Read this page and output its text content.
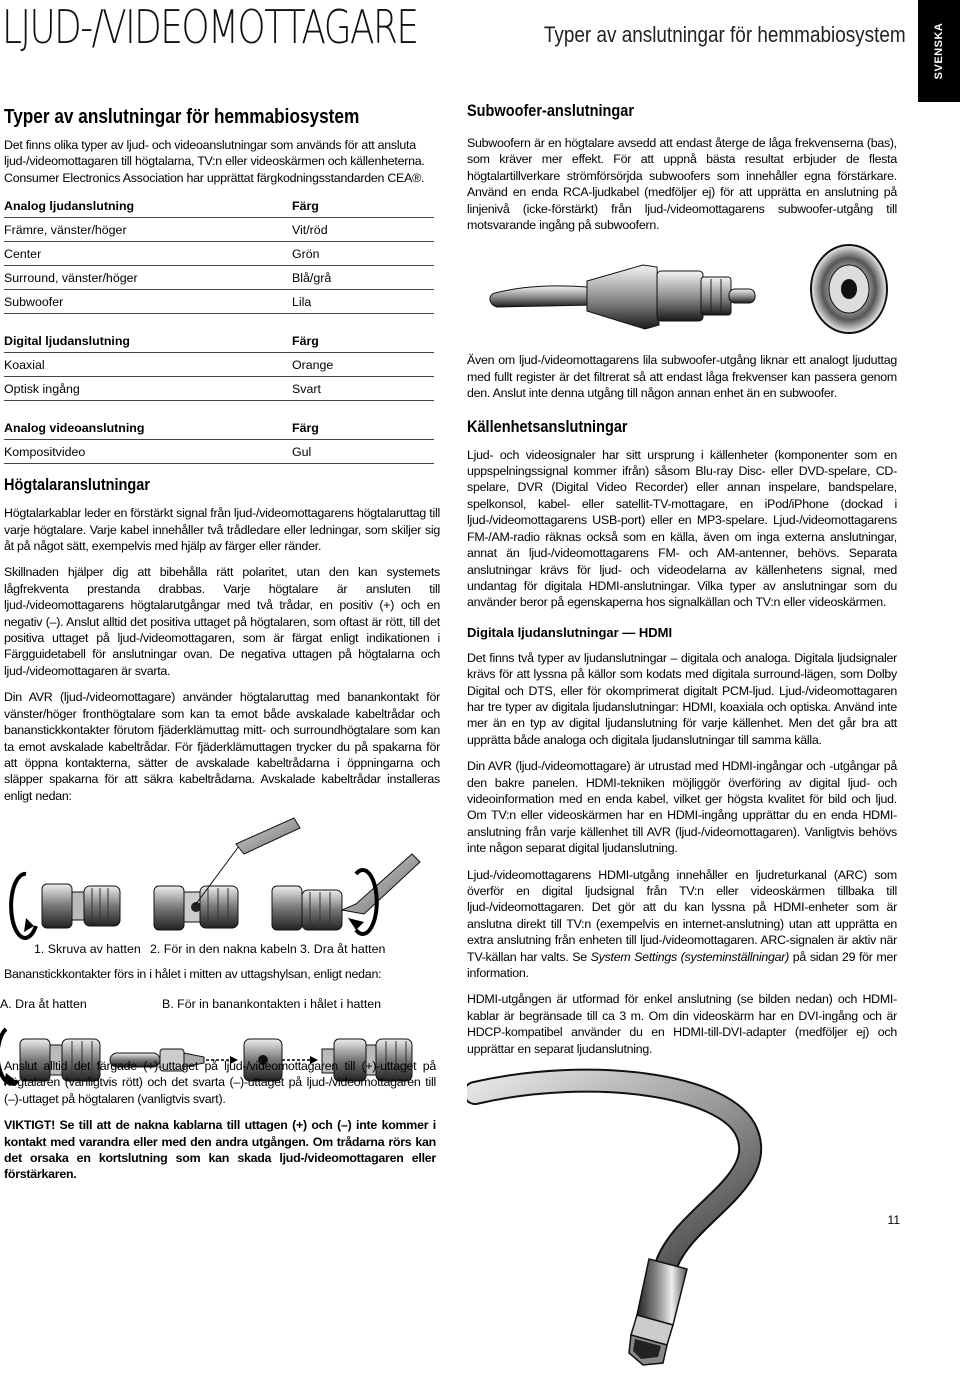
LJUD-/VIDEOMOTTAGARE	Typer av anslutningar för hemmabiosystem SVENSKA
Typer av anslutningar för hemmabiosystem

Det finns olika typer av ljud- och videoanslutningar som används för att ansluta ljud-/videomottagaren till högtalarna, TV:n eller videoskärmen och källenheterna. Consumer Electronics Association har upprättat färgkodningsstandarden CEA®.

Analog ljudanslutning	Färg
Främre, vänster/höger	Vit/röd
Center	Grön
Surround, vänster/höger	Blå/grå
Subwoofer	Lila
Digital ljudanslutning	Färg
Koaxial	Orange
Optisk ingång	Svart
Analog videoanslutning	Färg
Kompositvideo	Gul
Högtalaranslutningar

Högtalarkablar leder en förstärkt signal från ljud-/videomottagarens högtalaruttag till varje högtalare. Varje kabel innehåller två trådledare eller ledningar, som skiljer sig åt på något sätt, exempelvis med hjälp av färger eller ränder.

Skillnaden hjälper dig att bibehålla rätt polaritet, utan den kan systemets lågfrekventa prestanda drabbas. Varje högtalare är ansluten till ljud-/videomottagarens högtalarutgångar med två trådar, en positiv (+) och en negativ (–). Anslut alltid det positiva uttaget på högtalaren, som oftast är rött, till det positiva uttaget på ljud-/videomottagaren, som är färgat enligt indikationen i Färgguidetabell för anslutningar ovan. De negativa uttagen på högtalarna och ljud-/videomottagaren är svarta.

Din AVR (ljud-/videomottagare) använder högtalaruttag med banankontakt för vänster/höger fronthögtalare som kan ta emot både avskalade kabeltrådar och bananstickkontakter förutom fjäderklämuttag mitt- och surroundhögtalare som kan ta emot avskalade kabeltrådar. För fjäderklämuttagen trycker du på spakarna för att öppna kontakterna, sätter de avskalade kabeltrådarna i öppningarna och släpper spakarna för att säkra kabeltrådarna. Avskalade kabeltrådar installeras enligt nedan:

1. Skruva av hatten 2. För in den nakna kabeln 3. Dra åt hatten

Bananstickkontakter förs in i hålet i mitten av uttagshylsan, enligt nedan:

A. Dra åt hatten	B. För in banankontakten i hålet i hatten
Subwoofer-anslutningar

Subwoofern är en högtalare avsedd att endast återge de låga frekvenserna (bas), som kräver mer effekt. För att uppnå bästa resultat erbjuder de flesta högtalartillverkare strömförsörjda subwoofers som innehåller egna förstärkare. Använd en enda RCA-ljudkabel (medföljer ej) för att upprätta en anslutning på linjenivå (icke-förstärkt) från ljud-/videomottagarens subwoofer-utgång till motsvarande ingång på subwoofern.

Även om ljud-/videomottagarens lila subwoofer-utgång liknar ett analogt ljuduttag med fullt register är det filtrerat så att endast låga frekvenser kan passera genom den. Anslut inte denna utgång till någon annan enhet än en subwoofer.

Källenhetsanslutningar

Ljud- och videosignaler har sitt ursprung i källenheter (komponenter som en uppspelningssignal kommer ifrån) såsom Blu-ray Disc- eller DVD-spelare, CD-spelare, DVR (Digital Video Recorder) eller annan inspelare, bandspelare, spelkonsol, kabel- eller satellit-TV-mottagare, en iPod/iPhone (dockad i ljud-/videomottagarens USB-port) eller en MP3-spelare. Ljud-/videomottagarens FM-/AM-radio räknas också som en källa, även om inga externa anslutningar, annat än ljud-/videomottagarens FM- och AM-antenner, behövs. Separata anslutningar krävs för ljud- och videodelarna av källenhetens signal, med undantag för digitala HDMI-anslutningar. Vilka typer av anslutningar som du använder beror på egenskaperna hos signalkällan och TV:n eller videoskärmen.

Digitala ljudanslutningar — HDMI

Det finns två typer av ljudanslutningar – digitala och analoga. Digitala ljudsignaler krävs för att lyssna på källor som kodats med digitala surround-lägen, som Dolby Digital och DTS, eller för okomprimerat digitalt PCM-ljud. Ljud-/videomottagaren har tre typer av digitala ljudanslutningar: HDMI, koaxiala och optiska. Använd inte mer än en typ av digital ljudanslutning för varje källenhet. Men det går bra att upprätta både analoga och digitala ljudanslutningar till samma källa.

Din AVR (ljud-/videomottagare) är utrustad med HDMI-ingångar och -utgångar på den bakre panelen. HDMI-tekniken möjliggör överföring av digital ljud- och videoinformation med en enda kabel, vilket ger högsta kvalitet för bild och ljud. Om TV:n eller videoskärmen har en HDMI-ingång upprättar du en enda HDMI-anslutning från varje källenhet till AVR (ljud-/videomottagaren). Vanligtvis behövs inte någon separat digital ljudanslutning.

Ljud-/videomottagarens HDMI-utgång innehåller en ljudreturkanal (ARC) som överför en digital ljudsignal från TV:n eller videoskärmen tillbaka till ljud-/videomottagaren. Det gör att du kan lyssna på HDMI-enheter som är anslutna direkt till TV:n (exempelvis en internet-anslutning) utan att upprätta en extra anslutning från enheten till ljud-/videomottagaren. ARC-signalen är aktiv när TV-källan har valts. Se System Settings (systeminställningar) på sidan 29 för mer information.

HDMI-utgången är utformad för enkel anslutning (se bilden nedan) och HDMI-kablar är begränsade till ca 3 m. Om din videoskärm har en DVI-ingång och är HDCP-kompatibel använder du en HDMI-till-DVI-adapter (medföljer ej) och upprättar en separat ljudanslutning.

Anslut alltid det färgade (+)-uttaget på ljud-/videomottagaren till (+)-uttaget på högtalaren (vanligtvis rött) och det svarta (–)-uttaget på ljud-/videomottagaren till (–)-uttaget på högtalaren (vanligtvis svart).

VIKTIGT! Se till att de nakna kablarna till uttagen (+) och (–) inte kommer i kontakt med varandra eller med den andra utgången. Om trådarna rörs kan det orsaka en kortslutning som kan skada ljud-/videomottagaren eller förstärkaren.

11
